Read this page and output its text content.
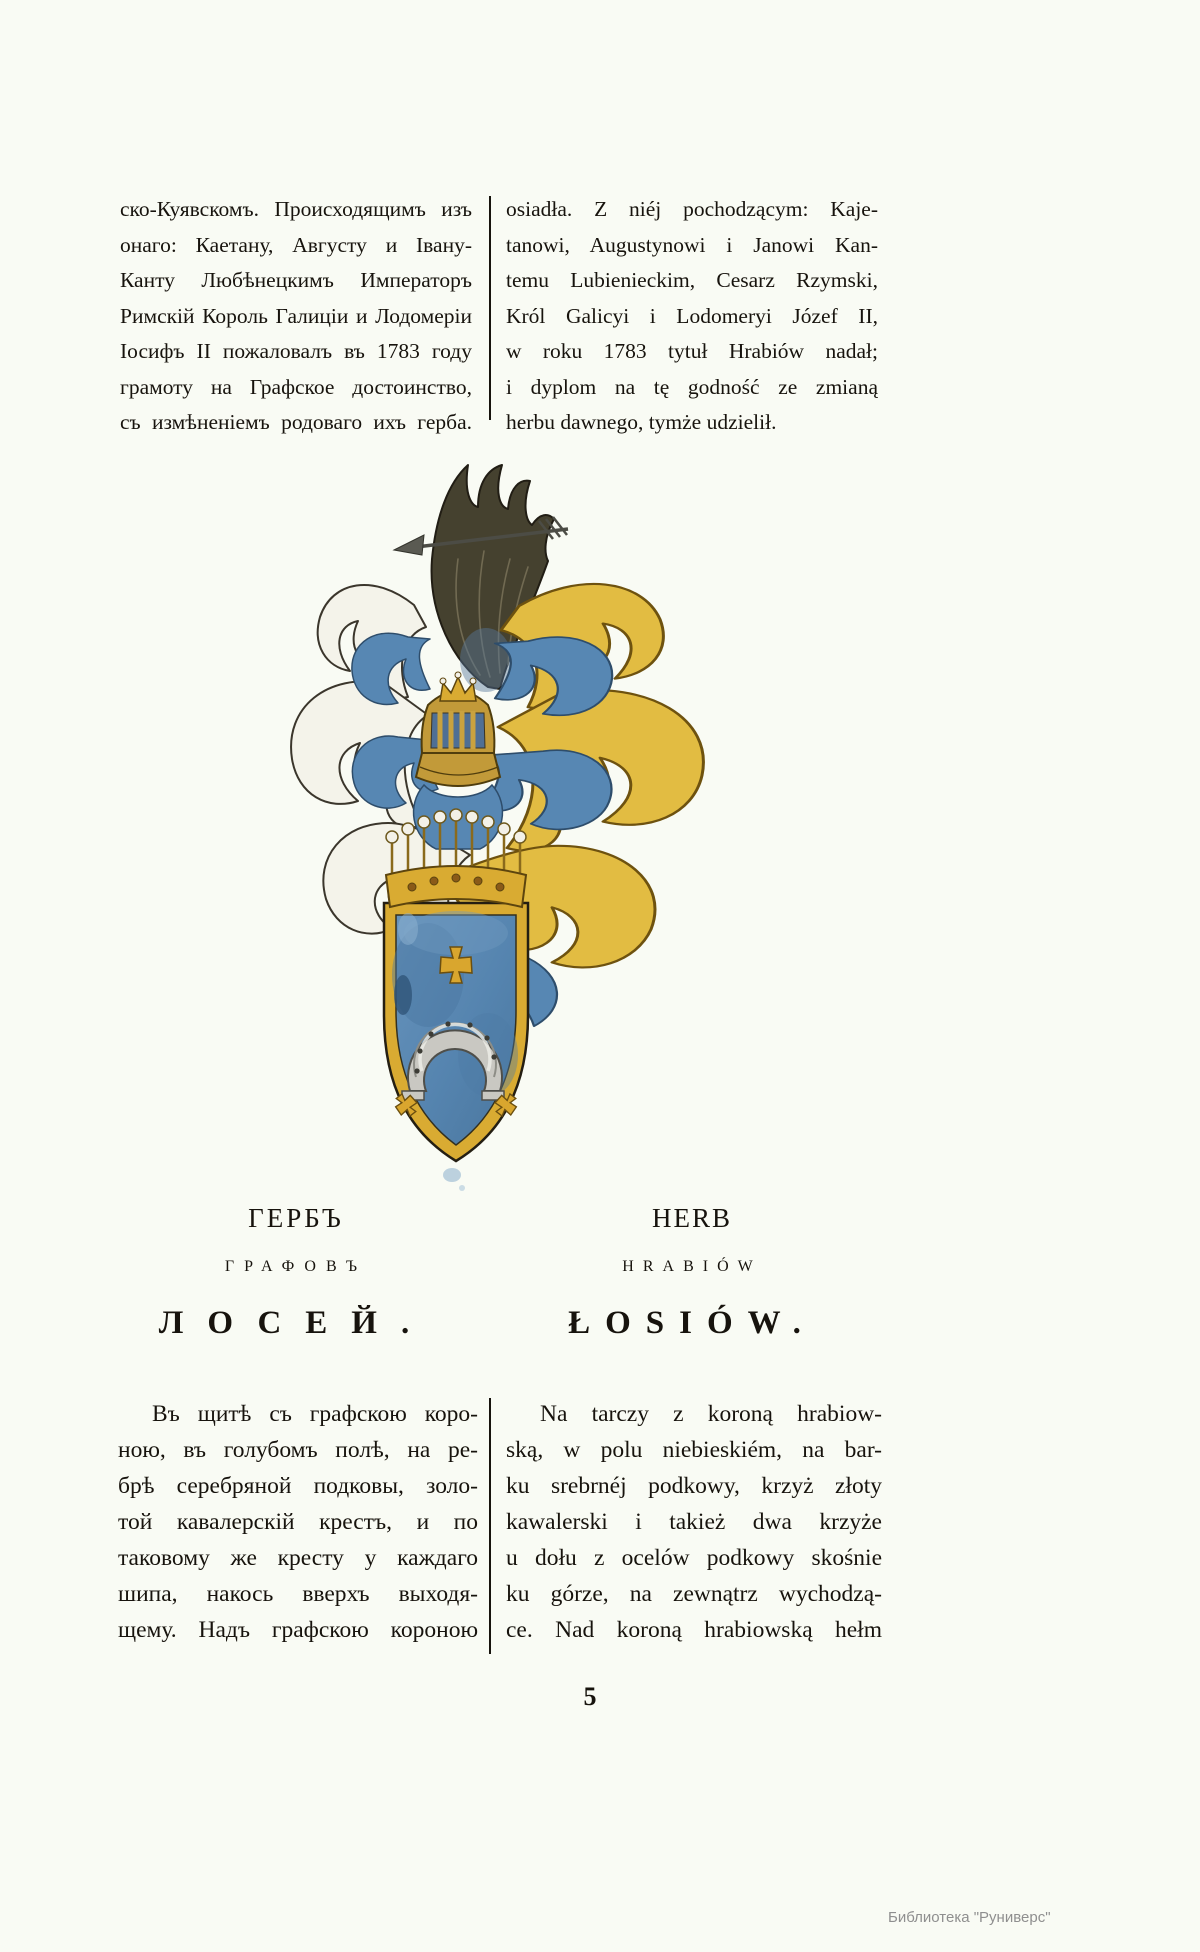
ско-Куявскомъ. Происходящимъ изъ
онаго: Каетану, Августу и Івану-
Канту Любѣнецкимъ Императоръ
Римскій Король Галиціи и Лодомеріи
Іосифъ II пожаловалъ въ 1783 году
грамоту на Графское достоинство,
съ измѣненіемъ родоваго ихъ герба.
osiadła. Z niéj pochodzącym: Kaje-
tanowi, Augustynowi i Janowi Kan-
temu Lubienieckim, Cesarz Rzymski,
Król Galicyi i Lodomeryi Józef II,
w roku 1783 tytuł Hrabiów nadał;
i dyplom na tę godność ze zmianą
herbu dawnego, tymże udzielił.
ГЕРБЪ	HERB
ГРАФОВЪ	HRABIÓW
ЛОСЕЙ.	ŁOSIÓW.
Въ щитѣ съ графскою коро-
ною, въ голубомъ полѣ, на ре-
брѣ серебряной подковы, золо-
той кавалерскій крестъ, и по
таковому же кресту у каждаго
шипа, накось вверхъ выходя-
щему. Надъ графскою короною
Na tarczy z koroną hrabiow-
ską, w polu niebieskiém, na bar-
ku srebrnéj podkowy, krzyż złoty
kawalerski i takież dwa krzyże
u dołu z ocelów podkowy skośnie
ku górze, na zewnątrz wychodzą-
ce. Nad koroną hrabiowską hełm
5
Библиотека "Руниверс"
